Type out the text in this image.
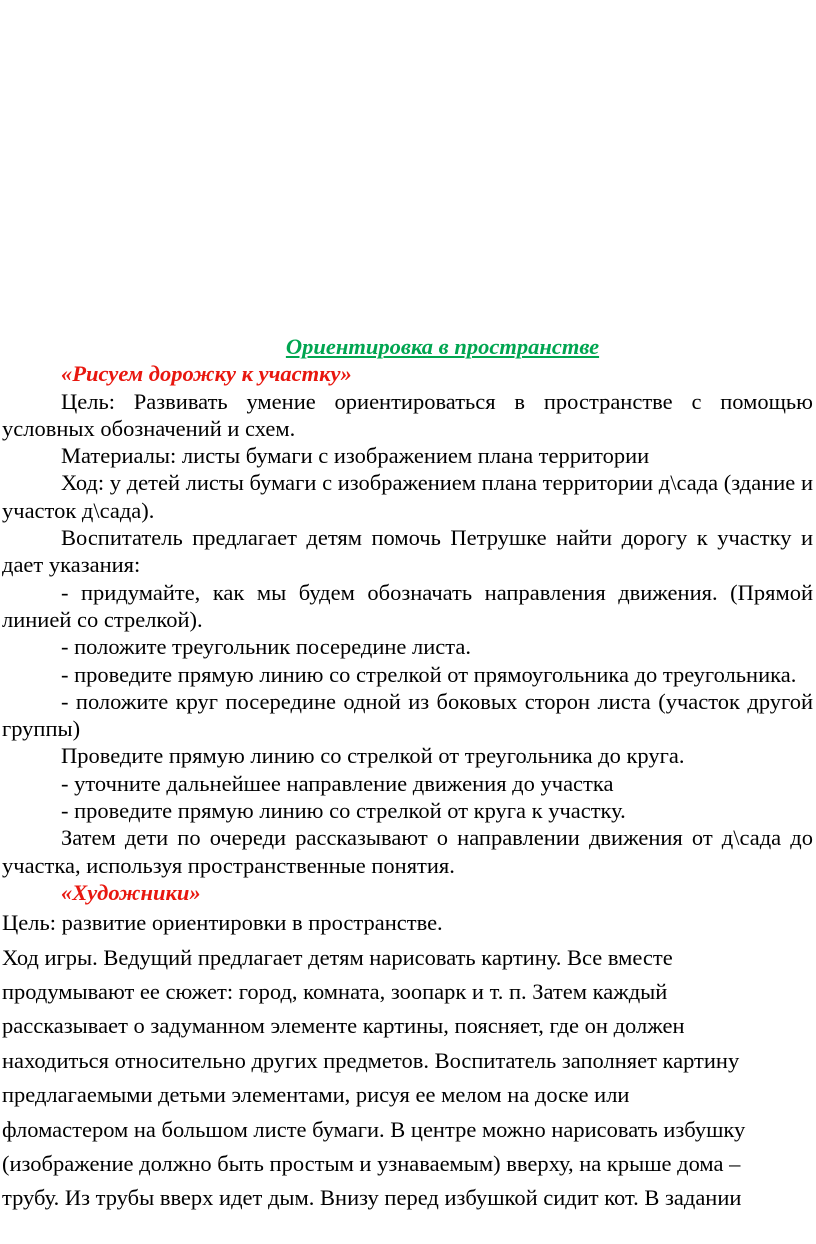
Ориентировка в пространстве

«Рисуем дорожку к участку»

Цель: Развивать умение ориентироваться в пространстве с помощью условных обозначений и схем.

Материалы: листы бумаги с изображением плана территории

Ход: у детей листы бумаги с изображением плана территории д\сада (здание и участок д\сада).

Воспитатель предлагает детям помочь Петрушке найти дорогу к участку и дает указания:

- придумайте, как мы будем обозначать направления движения. (Прямой линией со стрелкой).

- положите треугольник посередине листа.

- проведите прямую линию со стрелкой от прямоугольника до треугольника.

- положите круг посередине одной из боковых сторон листа (участок другой группы)

Проведите прямую линию со стрелкой от треугольника до круга.

- уточните дальнейшее направление движения до участка

- проведите прямую линию со стрелкой от круга к участку.

Затем дети по очереди рассказывают о направлении движения от д\сада до участка, используя пространственные понятия.

«Художники»

Цель: развитие ориентировки в пространстве.

Ход игры. Ведущий предлагает детям нарисовать картину. Все вместе

продумывают ее сюжет: город, комната, зоопарк и т. п. Затем каждый

рассказывает о задуманном элементе картины, поясняет, где он должен

находиться относительно других предметов. Воспитатель заполняет картину

предлагаемыми детьми элементами, рисуя ее мелом на доске или

фломастером на большом листе бумаги. В центре можно нарисовать избушку

(изображение должно быть простым и узнаваемым) вверху, на крыше дома –

трубу. Из трубы вверх идет дым. Внизу перед избушкой сидит кот. В задании
